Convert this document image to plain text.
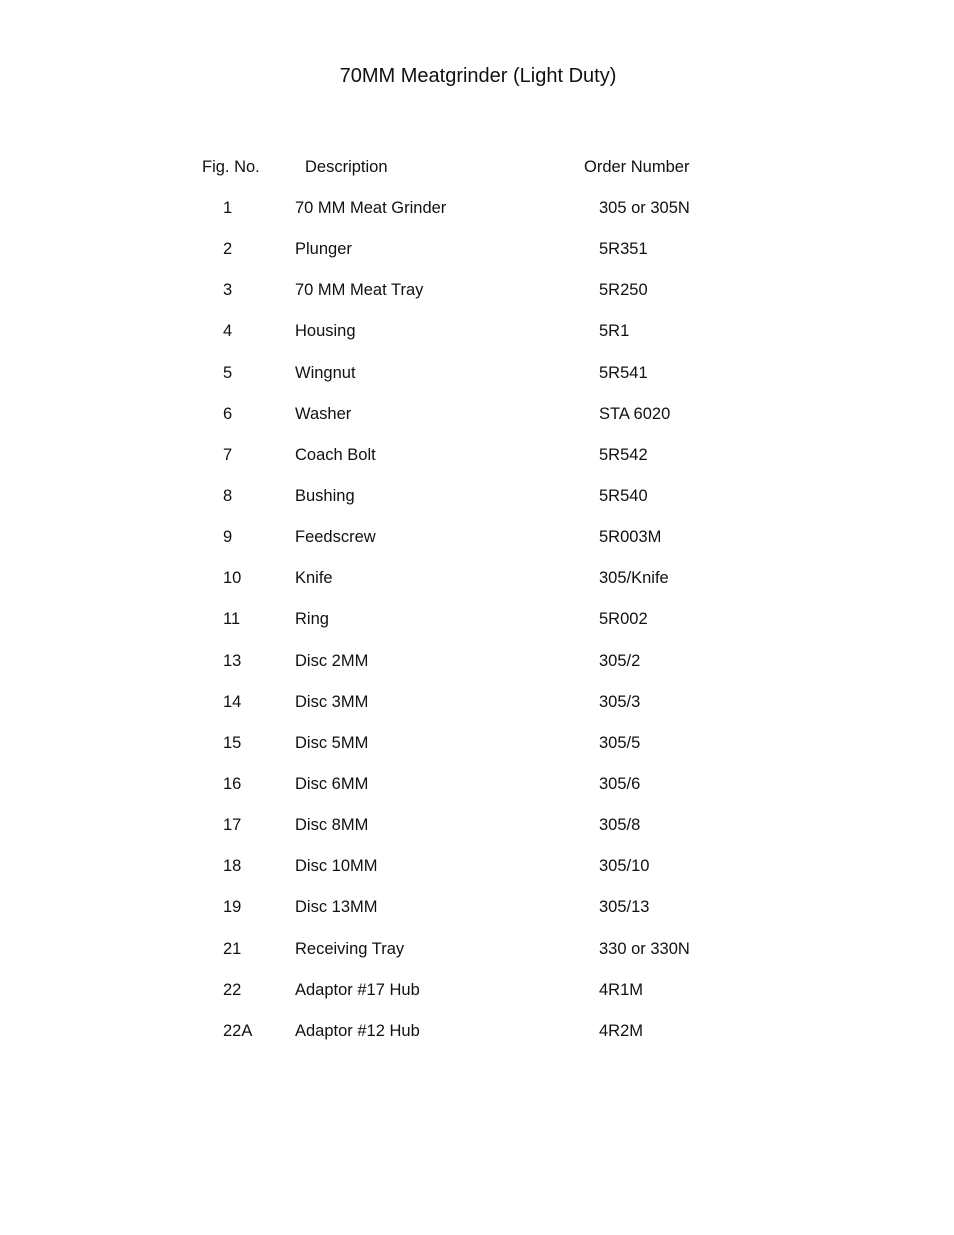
70MM Meatgrinder (Light Duty)
Fig. No.	Description	Order Number
1	70 MM Meat Grinder	305 or 305N
2	Plunger	5R351
3	70 MM Meat Tray	5R250
4	Housing	5R1
5	Wingnut	5R541
6	Washer	STA 6020
7	Coach Bolt	5R542
8	Bushing	5R540
9	Feedscrew	5R003M
10	Knife	305/Knife
11	Ring	5R002
13	Disc 2MM	305/2
14	Disc 3MM	305/3
15	Disc 5MM	305/5
16	Disc 6MM	305/6
17	Disc 8MM	305/8
18	Disc 10MM	305/10
19	Disc 13MM	305/13
21	Receiving Tray	330 or 330N
22	Adaptor #17 Hub	4R1M
22A	Adaptor #12 Hub	4R2M
